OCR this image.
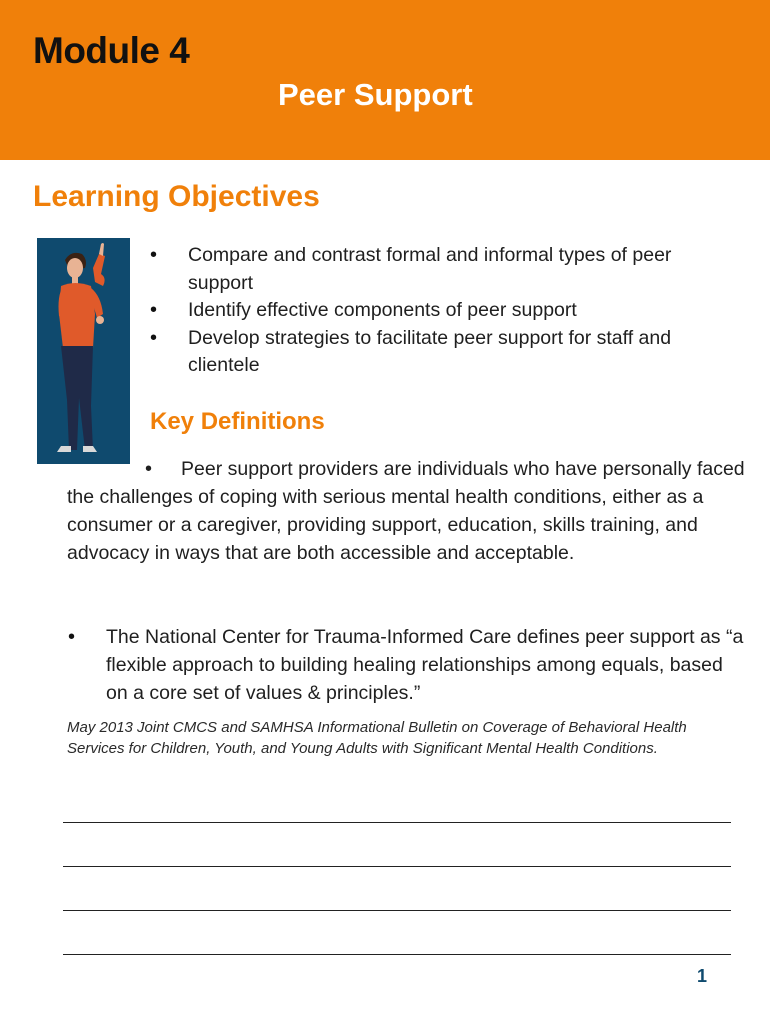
Module 4
Peer Support
Learning Objectives
• Compare and contrast formal and informal types of peer support
• Identify effective components of peer support
• Develop strategies to facilitate peer support for staff and clientele
Key Definitions
•	Peer support providers are individuals who have personally faced the challenges of coping with serious mental health conditions, either as a consumer or a caregiver, providing support, education, skills training, and advocacy in ways that are both accessible and acceptable.

• The National Center for Trauma-Informed Care defines peer support as “a flexible approach to building healing relationships among equals, based on a core set of values & principles.”

May 2013 Joint CMCS and SAMHSA Informational Bulletin on Coverage of Behavioral Health Services for Children, Youth, and Young Adults with Significant Mental Health Conditions.

1
